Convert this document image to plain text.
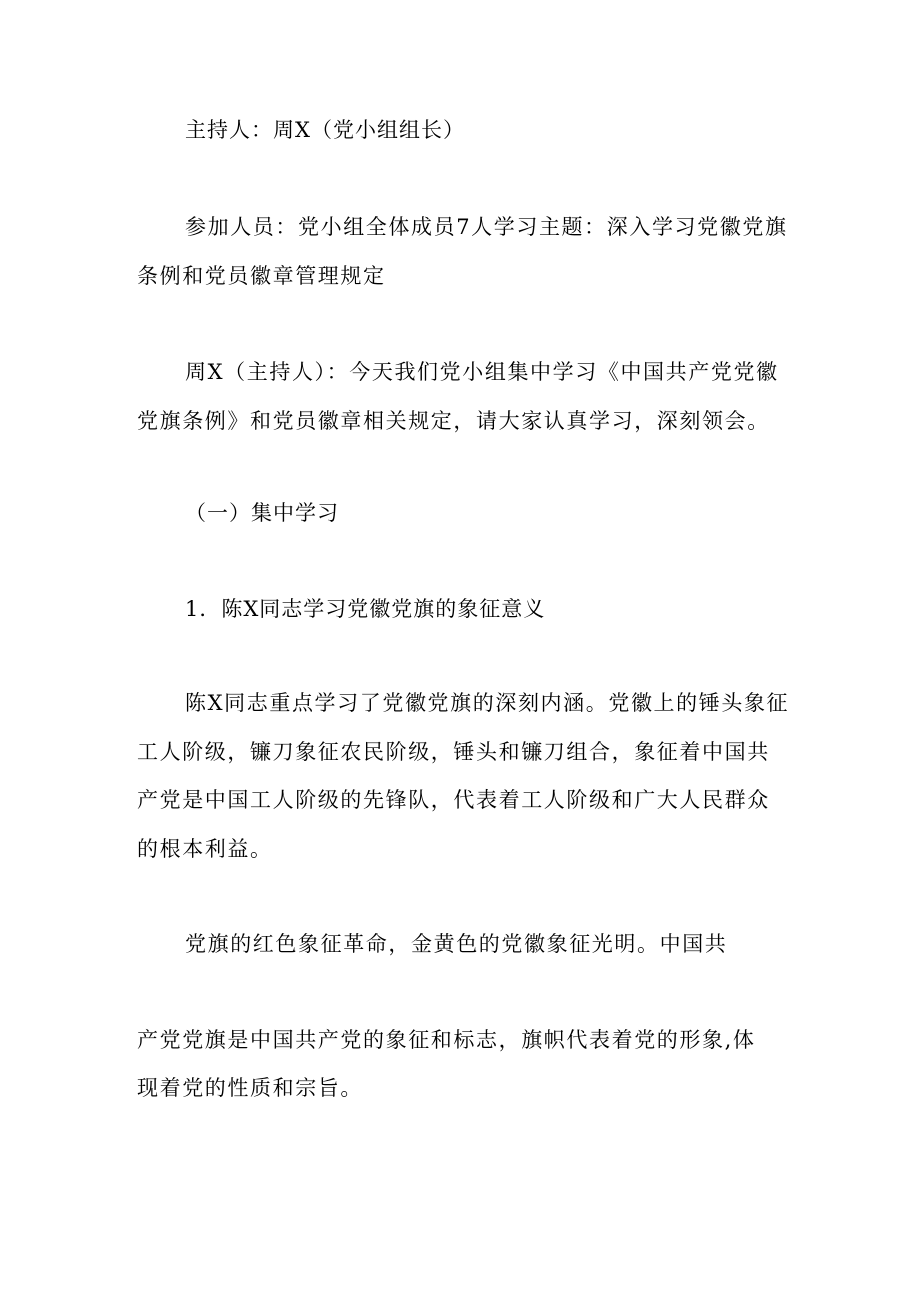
主持人：周X（党小组组长）
参加人员：党小组全体成员7人学习主题：深入学习党徽党旗
条例和党员徽章管理规定
周X（主持人）：今天我们党小组集中学习《中国共产党党徽
党旗条例》和党员徽章相关规定，请大家认真学习，深刻领会。
（一）集中学习
1．陈X同志学习党徽党旗的象征意义
陈X同志重点学习了党徽党旗的深刻内涵。党徽上的锤头象征
工人阶级，镰刀象征农民阶级，锤头和镰刀组合，象征着中国共
产党是中国工人阶级的先锋队，代表着工人阶级和广大人民群众
的根本利益。
党旗的红色象征革命，金黄色的党徽象征光明。中国共
产党党旗是中国共产党的象征和标志，旗帜代表着党的形象,体
现着党的性质和宗旨。
